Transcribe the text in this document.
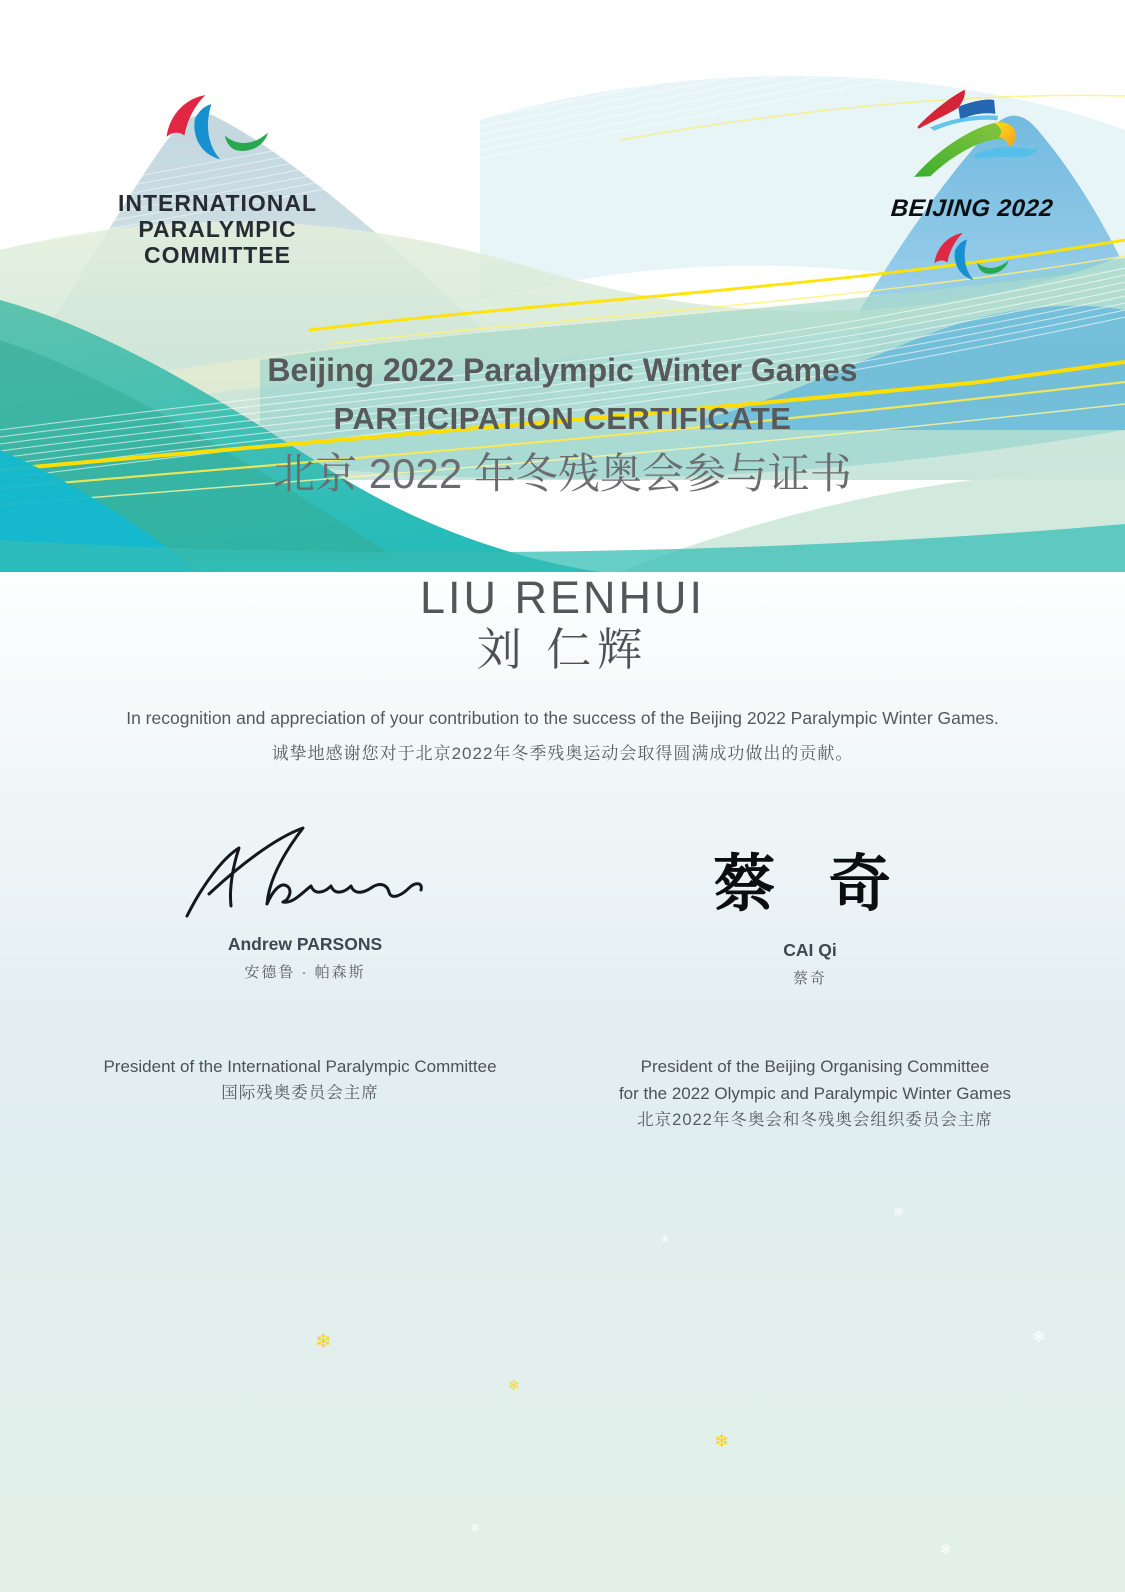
❄
❄
❄
❄
❄
❄
❄
❄
INTERNATIONAL
PARALYMPIC
COMMITTEE
BEIJING 2022
Beijing 2022 Paralympic Winter Games
PARTICIPATION CERTIFICATE
北京 2022 年冬残奥会参与证书
LIU RENHUI
刘 仁辉
In recognition and appreciation of your contribution to the success of the Beijing 2022 Paralympic Winter Games.
诚挚地感谢您对于北京2022年冬季残奥运动会取得圆满成功做出的贡献。
Andrew PARSONS
安德鲁 · 帕森斯
蔡 奇
CAI Qi
蔡奇
President of the International Paralympic Committee
国际残奥委员会主席
President of the Beijing Organising Committee
for the 2022 Olympic and Paralympic Winter Games
北京2022年冬奥会和冬残奥会组织委员会主席
